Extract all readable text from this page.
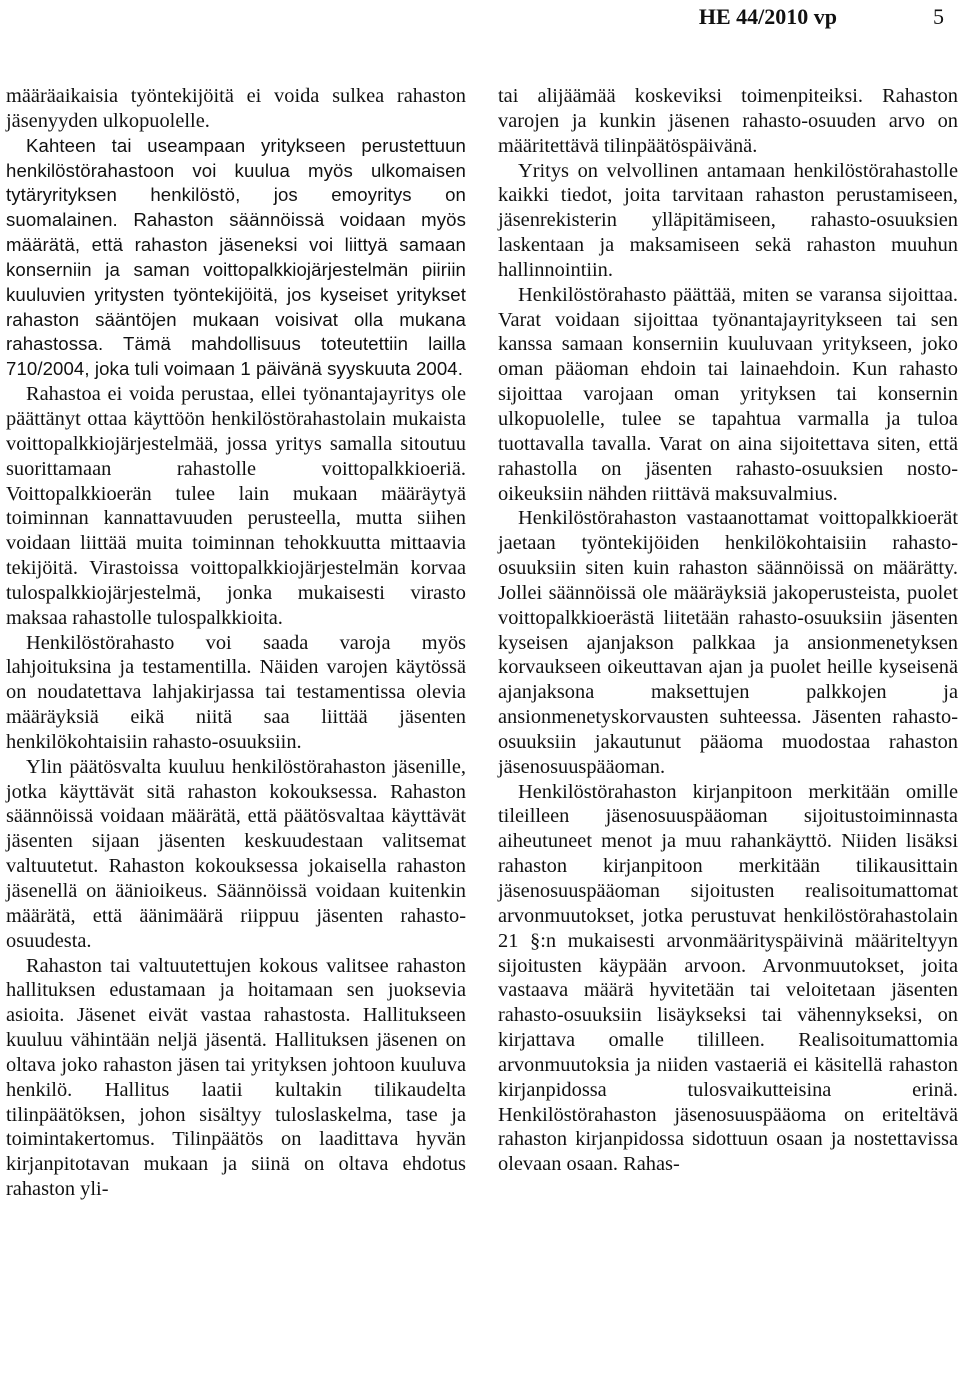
HE 44/2010 vp	5

määräaikaisia työntekijöitä ei voida sulkea rahaston jäsenyyden ulkopuolelle.

Kahteen tai useampaan yritykseen perustettuun henkilöstörahastoon voi kuulua myös ulkomaisen tytäryrityksen henkilöstö, jos emoyritys on suomalainen. Rahaston säännöissä voidaan myös määrätä, että rahaston jäseneksi voi liittyä samaan konserniin ja saman voittopalkkiojärjestelmän piiriin kuuluvien yritysten työntekijöitä, jos kyseiset yritykset rahaston sääntöjen mukaan voisivat olla mukana rahastossa. Tämä mahdollisuus toteutettiin lailla 710/2004, joka tuli voimaan 1 päivänä syyskuuta 2004.

Rahastoa ei voida perustaa, ellei työnantajayritys ole päättänyt ottaa käyttöön henkilöstörahastolain mukaista voittopalkkiojärjestelmää, jossa yritys samalla sitoutuu suorittamaan rahastolle voittopalkkioeriä. Voittopalkkioerän tulee lain mukaan määräytyä toiminnan kannattavuuden perusteella, mutta siihen voidaan liittää muita toiminnan tehokkuutta mittaavia tekijöitä. Virastoissa voittopalkkiojärjestelmän korvaa tulospalkkiojärjestelmä, jonka mukaisesti virasto maksaa rahastolle tulospalkkioita.

Henkilöstörahasto voi saada varoja myös lahjoituksina ja testamentilla. Näiden varojen käytössä on noudatettava lahjakirjassa tai testamentissa olevia määräyksiä eikä niitä saa liittää jäsenten henkilökohtaisiin rahasto-osuuksiin.

Ylin päätösvalta kuuluu henkilöstörahaston jäsenille, jotka käyttävät sitä rahaston kokouksessa. Rahaston säännöissä voidaan määrätä, että päätösvaltaa käyttävät jäsenten sijaan jäsenten keskuudestaan valitsemat valtuutetut. Rahaston kokouksessa jokaisella rahaston jäsenellä on äänioikeus. Säännöissä voidaan kuitenkin määrätä, että äänimäärä riippuu jäsenten rahasto-osuudesta.

Rahaston tai valtuutettujen kokous valitsee rahaston hallituksen edustamaan ja hoitamaan sen juoksevia asioita. Jäsenet eivät vastaa rahastosta. Hallitukseen kuuluu vähintään neljä jäsentä. Hallituksen jäsenen on oltava joko rahaston jäsen tai yrityksen johtoon kuuluva henkilö. Hallitus laatii kultakin tilikaudelta tilinpäätöksen, johon sisältyy tuloslaskelma, tase ja toimintakertomus. Tilinpäätös on laadittava hyvän kirjanpitotavan mukaan ja siinä on oltava ehdotus rahaston yli-

tai alijäämää koskeviksi toimenpiteiksi. Rahaston varojen ja kunkin jäsenen rahasto-osuuden arvo on määritettävä tilinpäätöspäivänä.

Yritys on velvollinen antamaan henkilöstörahastolle kaikki tiedot, joita tarvitaan rahaston perustamiseen, jäsenrekisterin ylläpitämiseen, rahasto-osuuksien laskentaan ja maksamiseen sekä rahaston muuhun hallinnointiin.

Henkilöstörahasto päättää, miten se varansa sijoittaa. Varat voidaan sijoittaa työnantajayritykseen tai sen kanssa samaan konserniin kuuluvaan yritykseen, joko oman pääoman ehdoin tai lainaehdoin. Kun rahasto sijoittaa varojaan oman yrityksen tai konsernin ulkopuolelle, tulee se tapahtua varmalla ja tuloa tuottavalla tavalla. Varat on aina sijoitettava siten, että rahastolla on jäsenten rahasto-osuuksien nosto-oikeuksiin nähden riittävä maksuvalmius.

Henkilöstörahaston vastaanottamat voittopalkkioerät jaetaan työntekijöiden henkilökohtaisiin rahasto-osuuksiin siten kuin rahaston säännöissä on määrätty. Jollei säännöissä ole määräyksiä jakoperusteista, puolet voittopalkkioerästä liitetään rahasto-osuuksiin jäsenten kyseisen ajanjakson palkkaa ja ansionmenetyksen korvaukseen oikeuttavan ajan ja puolet heille kyseisenä ajanjaksona maksettujen palkkojen ja ansionmenetyskorvausten suhteessa. Jäsenten rahasto-osuuksiin jakautunut pääoma muodostaa rahaston jäsenosuuspääoman.

Henkilöstörahaston kirjanpitoon merkitään omille tileilleen jäsenosuuspääoman sijoitustoiminnasta aiheutuneet menot ja muu rahankäyttö. Niiden lisäksi rahaston kirjanpitoon merkitään tilikausittain jäsenosuuspääoman sijoitusten realisoitumattomat arvonmuutokset, jotka perustuvat henkilöstörahastolain 21 §:n mukaisesti arvonmäärityspäivinä määriteltyyn sijoitusten käypään arvoon. Arvonmuutokset, joita vastaava määrä hyvitetään tai veloitetaan jäsenten rahasto-osuuksiin lisäykseksi tai vähennykseksi, on kirjattava omalle tililleen. Realisoitumattomia arvonmuutoksia ja niiden vastaeriä ei käsitellä rahaston kirjanpidossa tulosvaikutteisina erinä. Henkilöstörahaston jäsenosuuspääoma on eriteltävä rahaston kirjanpidossa sidottuun osaan ja nostettavissa olevaan osaan. Rahas-
